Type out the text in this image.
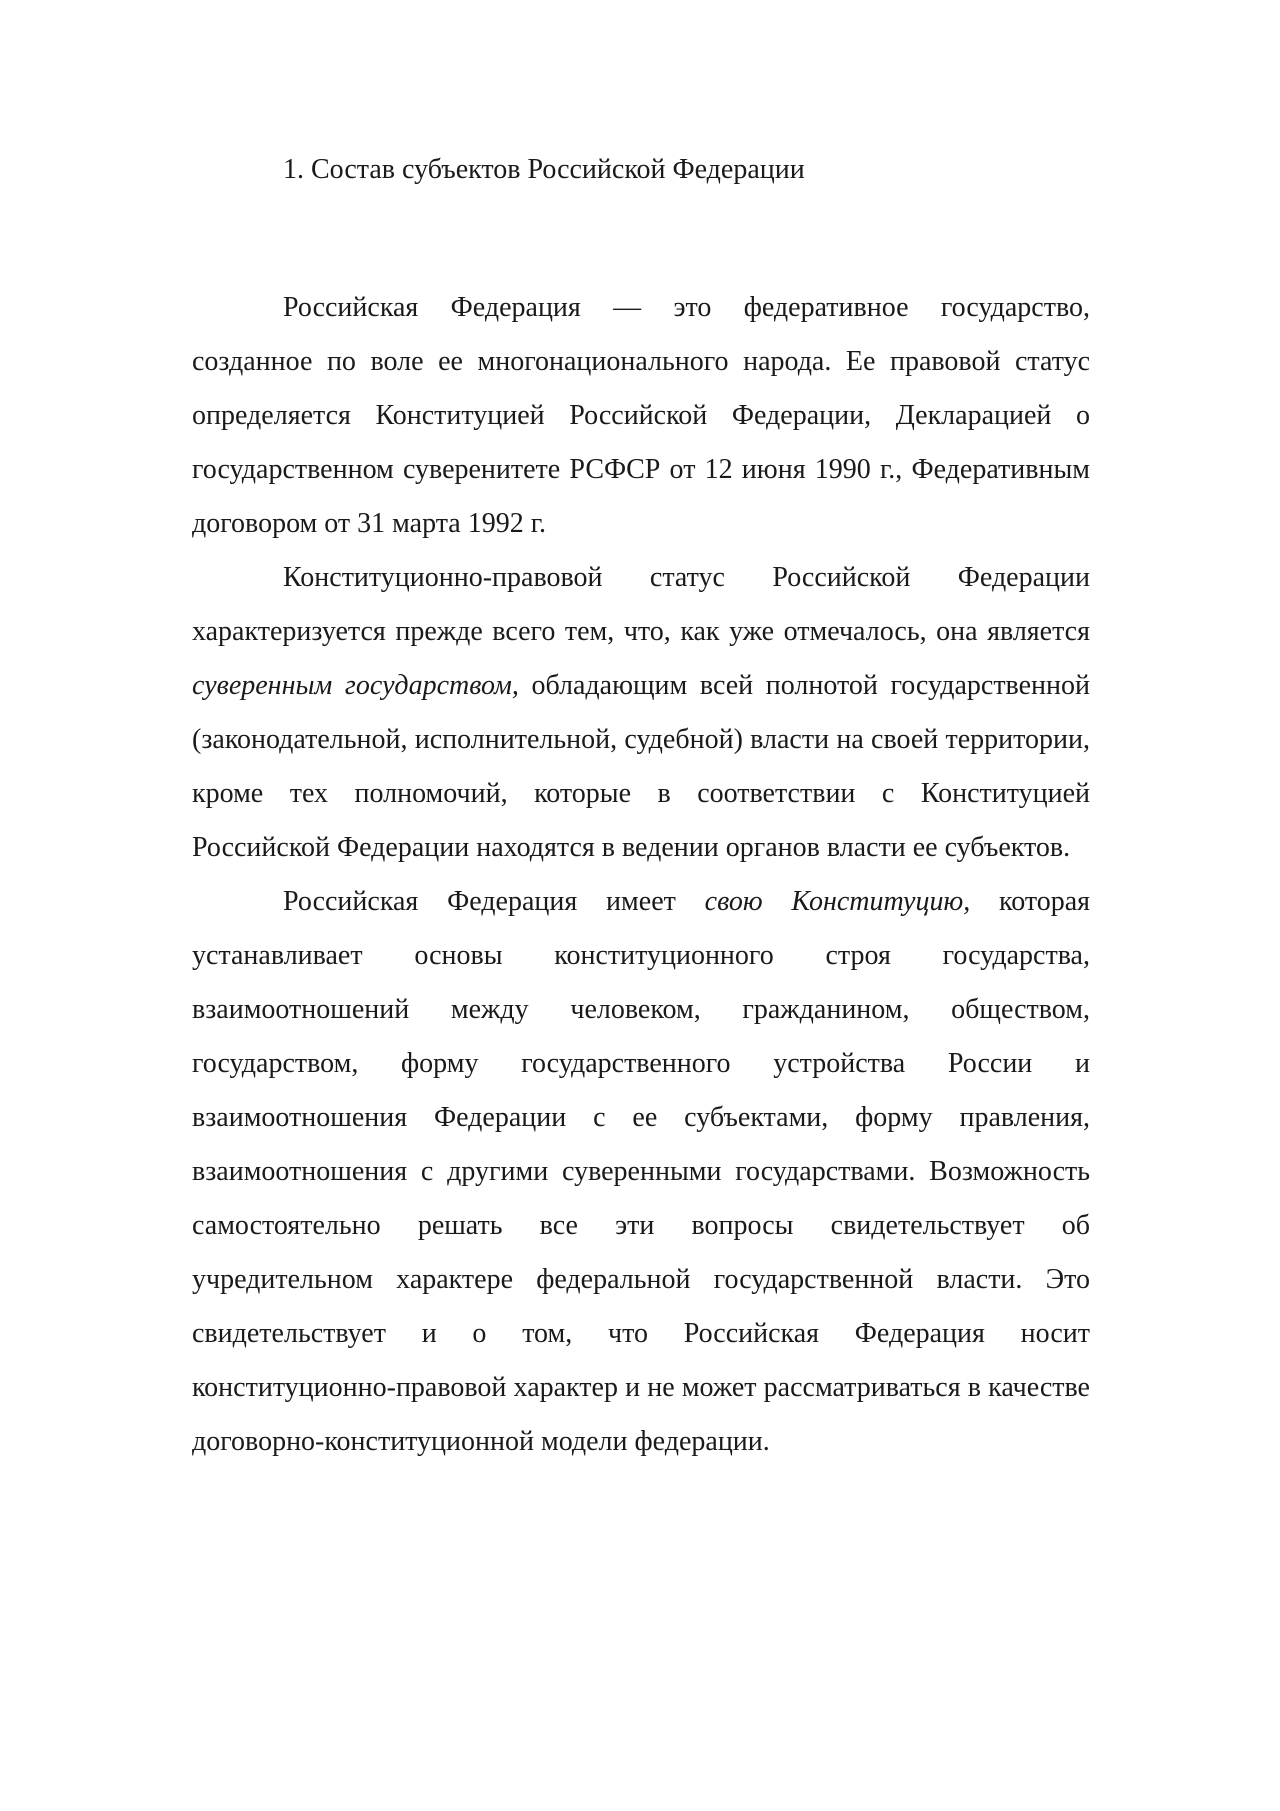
1. Состав субъектов Российской Федерации

Российская Федерация — это федеративное государство, созданное по воле ее многонационального народа. Ее правовой статус определяется Конституцией Российской Федерации, Декларацией о государственном суверенитете РСФСР от 12 июня 1990 г., Федеративным договором от 31 марта 1992 г.

Конституционно-правовой статус Российской Федерации характеризуется прежде всего тем, что, как уже отмечалось, она является суверенным государством, обладающим всей полнотой государственной (законодательной, исполнительной, судебной) власти на своей территории, кроме тех полномочий, которые в соответствии с Конституцией Российской Федерации находятся в ведении органов власти ее субъектов.

Российская Федерация имеет свою Конституцию, которая устанавливает основы конституционного строя государства, взаимоотношений между человеком, гражданином, обществом, государством, форму государственного устройства России и взаимоотношения Федерации с ее субъектами, форму правления, взаимоотношения с другими суверенными государствами. Возможность самостоятельно решать все эти вопросы свидетельствует об учредительном характере федеральной государственной власти. Это свидетельствует и о том, что Российская Федерация носит конституционно-правовой характер и не может рассматриваться в качестве договорно-конституционной модели федерации.
